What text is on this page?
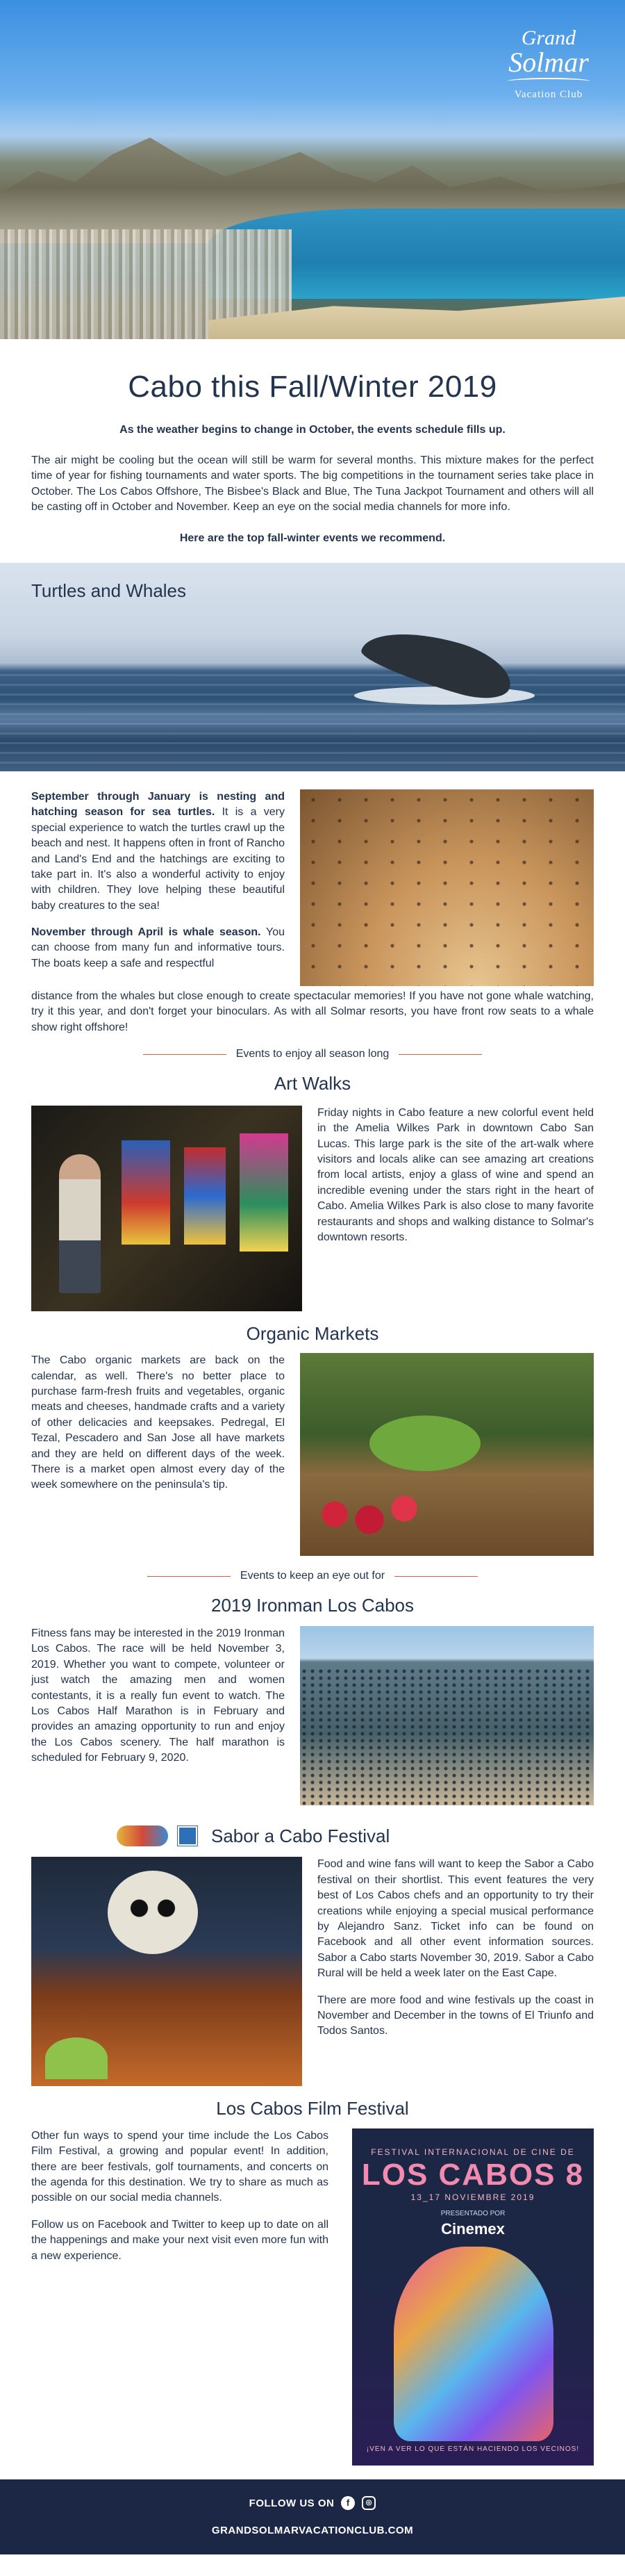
Grand
Solmar
Vacation Club
Cabo this Fall/Winter 2019
As the weather begins to change in October, the events schedule fills up.

The air might be cooling but the ocean will still be warm for several months. This mixture makes for the perfect time of year for fishing tournaments and water sports. The big competitions in the tournament series take place in October. The Los Cabos Offshore, The Bisbee's Black and Blue, The Tuna Jackpot Tournament and others will all be casting off in October and November. Keep an eye on the social media channels for more info.

Here are the top fall-winter events we recommend.
Turtles and Whales

September through January is nesting and hatching season for sea turtles. It is a very special experience to watch the turtles crawl up the beach and nest. It happens often in front of Rancho and Land's End and the hatchings are exciting to take part in. It's also a wonderful activity to enjoy with children. They love helping these beautiful baby creatures to the sea!

November through April is whale season. You can choose from many fun and informative tours. The boats keep a safe and respectful

distance from the whales but close enough to create spectacular memories! If you have not gone whale watching, try it this year, and don't forget your binoculars. As with all Solmar resorts, you have front row seats to a whale show right offshore!

Events to enjoy all season long
Art Walks
Friday nights in Cabo feature a new colorful event held in the Amelia Wilkes Park in downtown Cabo San Lucas. This large park is the site of the art-walk where visitors and locals alike can see amazing art creations from local artists, enjoy a glass of wine and spend an incredible evening under the stars right in the heart of Cabo. Amelia Wilkes Park is also close to many favorite restaurants and shops and walking distance to Solmar's downtown resorts.
Organic Markets
The Cabo organic markets are back on the calendar, as well. There's no better place to purchase farm-fresh fruits and vegetables, organic meats and cheeses, handmade crafts and a variety of other delicacies and keepsakes. Pedregal, El Tezal, Pescadero and San Jose all have markets and they are held on different days of the week. There is a market open almost every day of the week somewhere on the peninsula's tip.
Events to keep an eye out for
2019 Ironman Los Cabos
Fitness fans may be interested in the 2019 Ironman Los Cabos. The race will be held November 3, 2019. Whether you want to compete, volunteer or just watch the amazing men and women contestants, it is a really fun event to watch. The Los Cabos Half Marathon is in February and provides an amazing opportunity to run and enjoy the Los Cabos scenery. The half marathon is scheduled for February 9, 2020.
Sabor a Cabo Festival

Food and wine fans will want to keep the Sabor a Cabo festival on their shortlist. This event features the very best of Los Cabos chefs and an opportunity to try their creations while enjoying a special musical performance by Alejandro Sanz. Ticket info can be found on Facebook and all other event information sources. Sabor a Cabo starts November 30, 2019. Sabor a Cabo Rural will be held a week later on the East Cape.

There are more food and wine festivals up the coast in November and December in the towns of El Triunfo and Todos Santos.

Los Cabos Film Festival

Other fun ways to spend your time include the Los Cabos Film Festival, a growing and popular event! In addition, there are beer festivals, golf tournaments, and concerts on the agenda for this destination. We try to share as much as possible on our social media channels.

Follow us on Facebook and Twitter to keep up to date on all the happenings and make your next visit even more fun with a new experience.

FESTIVAL INTERNACIONAL DE CINE DE
LOS CABOS 8
13_17 NOVIEMBRE 2019
PRESENTADO POR
Cinemex
¡VEN A VER LO QUE ESTÁN HACIENDO LOS VECINOS!
FOLLOW US ON	f	◎
GRANDSOLMARVACATIONCLUB.COM
